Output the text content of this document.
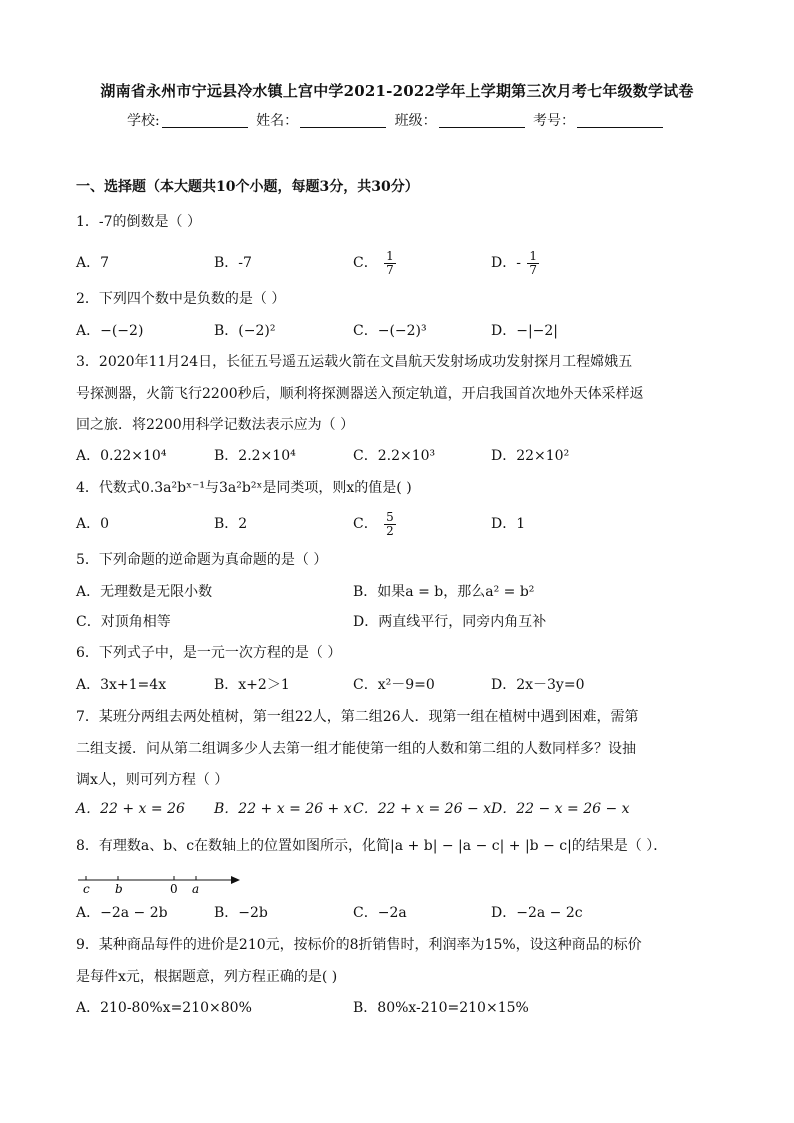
湖南省永州市宁远县冷水镇上宫中学2021-2022学年上学期第三次月考七年级数学试卷
学校:	姓名：	班级：	考号：
一、选择题（本大题共10个小题，每题3分，共30分）
1．-7的倒数是（ ）
A．7	B．-7	C． $\frac{1}{7}$	D．- $\frac{1}{7}$
2．下列四个数中是负数的是（ ）
A．−(−2)	B．(−2)²	C．−(−2)³	D．−|−2|
3．2020年11月24日，长征五号遥五运载火箭在文昌航天发射场成功发射探月工程嫦娥五
号探测器，火箭飞行2200秒后，顺利将探测器送入预定轨道，开启我国首次地外天体采样返
回之旅．将2200用科学记数法表示应为（ ）
A．0.22×10⁴	B．2.2×10⁴	C．2.2×10³	D．22×10²
4．代数式0.3a²bˣ⁻¹与3a²b²ˣ是同类项，则x的值是( )
A．0	B．2	C． $\frac{5}{2}$	D．1
5．下列命题的逆命题为真命题的是（ ）
A．无理数是无限小数	B．如果a = b，那么a² = b²
C．对顶角相等	D．两直线平行，同旁内角互补
6．下列式子中，是一元一次方程的是（ ）
A．3x+1=4x	B．x+2＞1	C．x²－9=0	D．2x－3y=0
7．某班分两组去两处植树，第一组22人，第二组26人．现第一组在植树中遇到困难，需第
二组支援．问从第二组调多少人去第一组才能使第一组的人数和第二组的人数同样多？设抽
调x人，则可列方程（ ）
A．22 + x = 26 B．22 + x = 26 + x C．22 + x = 26 − x D．22 − x = 26 − x
8．有理数a、b、c在数轴上的位置如图所示，化简|a + b| − |a − c| + |b − c|的结果是（ ）．
c b	0 a
A．−2a − 2b	B．−2b	C．−2a	D．−2a − 2c
9．某种商品每件的进价是210元，按标价的8折销售时，利润率为15%，设这种商品的标价
是每件x元，根据题意，列方程正确的是( )
A．210-80%x=210×80%	B．80%x-210=210×15%
